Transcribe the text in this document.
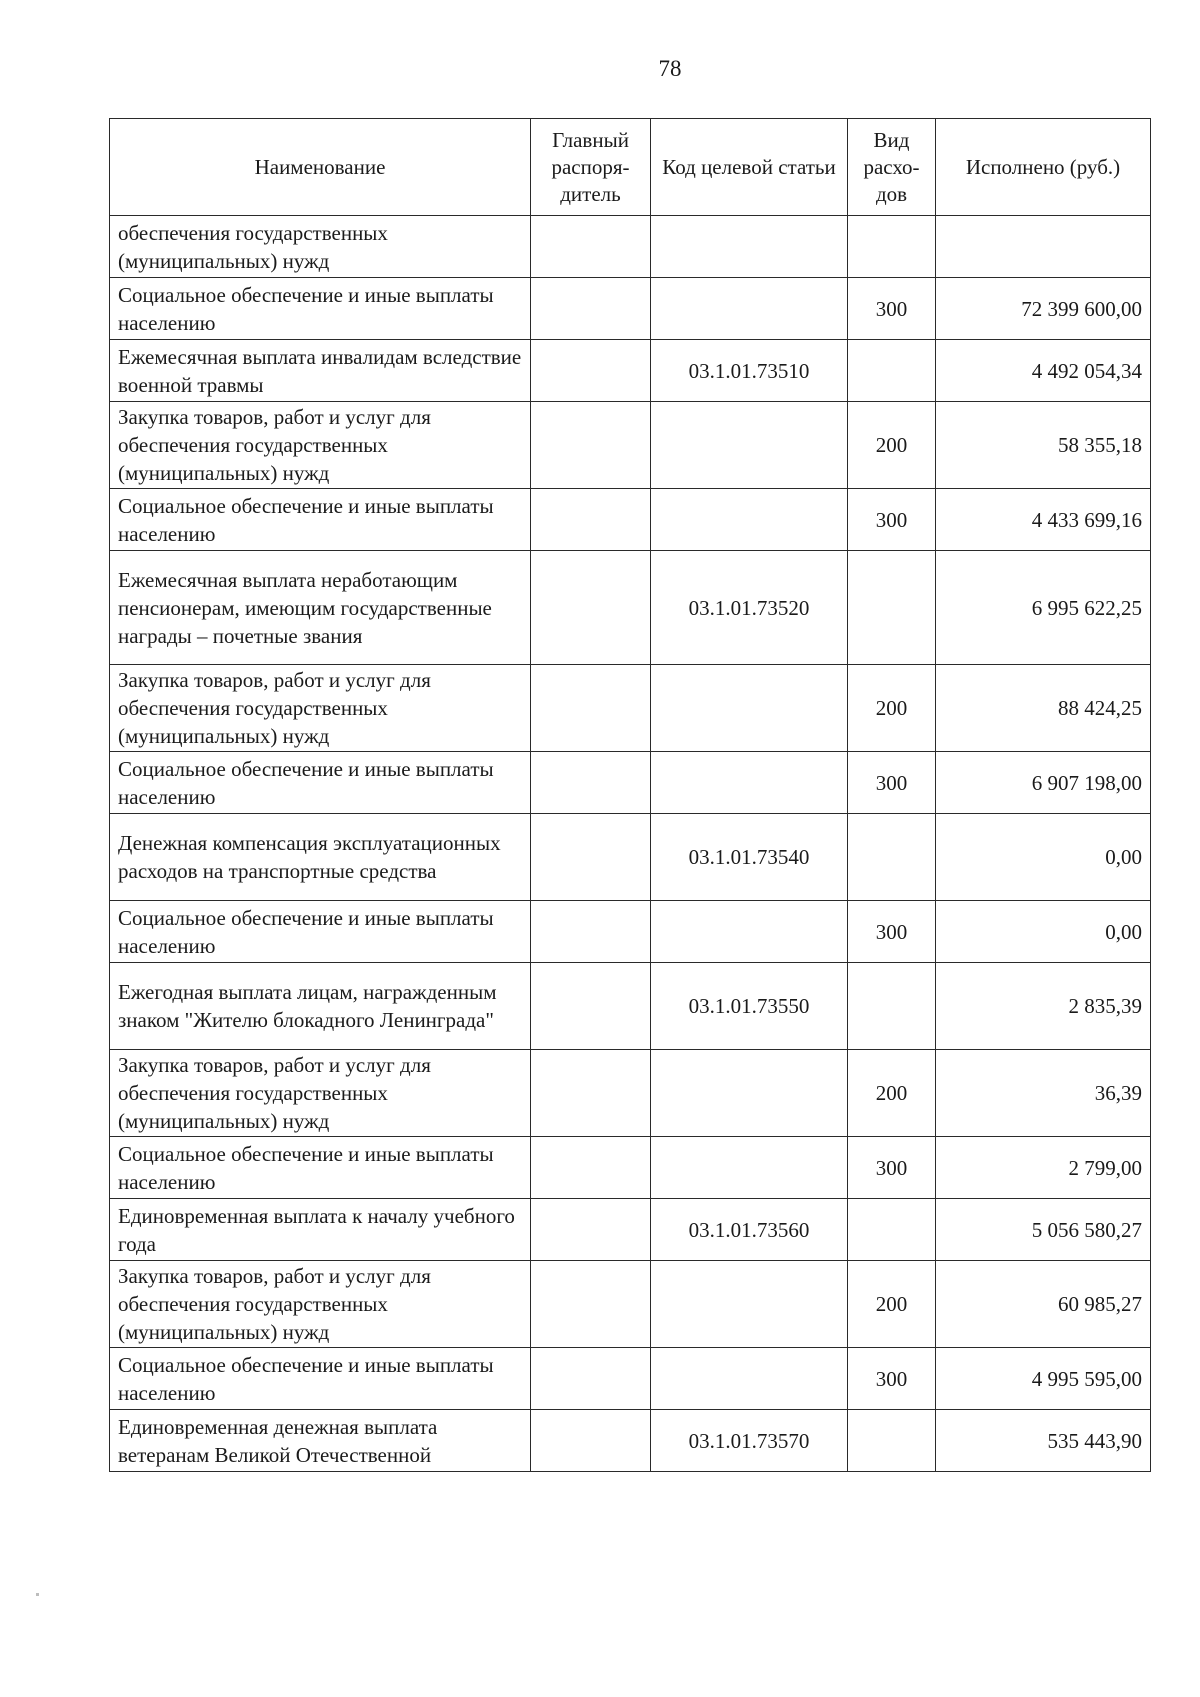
78
Наименование	Главный распоря-дитель	Код целевой статьи	Вид расхо-дов	Исполнено (руб.)
обеспечения государственных (муниципальных) нужд				
Социальное обеспечение и иные выплаты населению			300	72 399 600,00
Ежемесячная выплата инвалидам вследствие военной травмы		03.1.01.73510		4 492 054,34
Закупка товаров, работ и услуг для обеспечения государственных (муниципальных) нужд			200	58 355,18
Социальное обеспечение и иные выплаты населению			300	4 433 699,16
Ежемесячная выплата неработающим пенсионерам, имеющим государственные награды – почетные звания		03.1.01.73520		6 995 622,25
Закупка товаров, работ и услуг для обеспечения государственных (муниципальных) нужд			200	88 424,25
Социальное обеспечение и иные выплаты населению			300	6 907 198,00
Денежная компенсация эксплуатационных расходов на транспортные средства		03.1.01.73540		0,00
Социальное обеспечение и иные выплаты населению			300	0,00
Ежегодная выплата лицам, награжденным знаком "Жителю блокадного Ленинграда"		03.1.01.73550		2 835,39
Закупка товаров, работ и услуг для обеспечения государственных (муниципальных) нужд			200	36,39
Социальное обеспечение и иные выплаты населению			300	2 799,00
Единовременная выплата к началу учебного года		03.1.01.73560		5 056 580,27
Закупка товаров, работ и услуг для обеспечения государственных (муниципальных) нужд			200	60 985,27
Социальное обеспечение и иные выплаты населению			300	4 995 595,00
Единовременная денежная выплата ветеранам Великой Отечественной		03.1.01.73570		535 443,90
